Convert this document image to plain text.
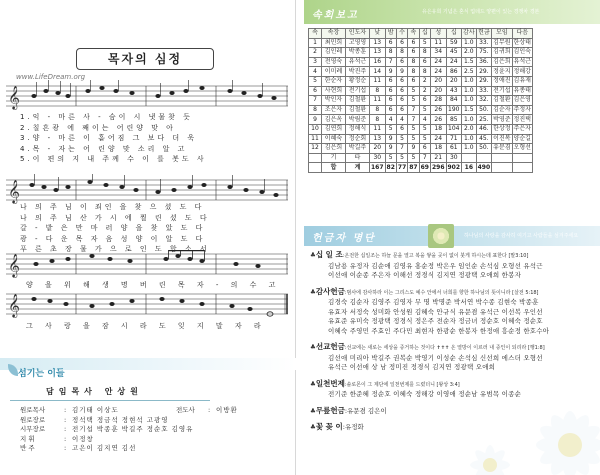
목자의 심정
www.LifeDream.org
𝄞
1.익 - 마른 사 - 슴이 시 냇물찾 듯
2.칠흔광 에 째이는 어린양 맞 아
3.양 - 마른 이 흩어짐 그 보다 더 욱
4.목 - 자는 어 린양 맞 소리 알 고
5.이 편의 지 내 주께 수 이 를 봇도 사
𝄞
나 의 주 님 이 죄인 을 찾 으 셨 도 다
나 의 주 님 산 가 시 에 찔 린 셨 도 다
갈 - 밭 은 만 마 러 양 을 찾 았 도 다
광 - 다 운 목 자 음 성 양 이 알 도 다
푸 른 초 장 물 가 으 로 인 도 합 소 서
𝄞
양 을 위 해 생 명 버 린 목 자 - 의 수 고
𝄞
그 사 랑 을 잠 시 라 도 잊 지 말 자 라
섬기는 이들
담임목사 안상원
원로목사	: 김기태 이상도	전도사	: 이방환
원로장로	: 정석택 정금석 정현석 고광영
시무장로	: 전기섭 박종훈 박길주 정순호 김영유
지 휘	: 이정창
반 주	: 고은이 김지연 김선
속회보고	유은유희 기념은 혼식 업데드 양편이 있는 경쟁차 경본
속	속장	인도자	낮	밤	수	속	십	성	십	감사	헌금	모임	다음
1	최민희	고영영	13	6	6	6	5	11	59	1.0	33.	김무원	한상태
2	김인레	박종훈	13	8	8	6	8	34	45	2.0	75.	김귀희	김인숙
3	전영숙	유석근	16	7	6	8	6	24	24	1.5	36.	김은희	유석근
4	이미례	박진주	14	9	9	8	8	24	86	2.5	29.	정윤지	정해강
5	한순자	황정순	11	6	6	6	2	20	20	1.0	29.	정애진	김유재
6	사현희	전기섭	8	6	6	5	2	20	43	1.0	33.	전기섭	유종태
7	박인자	김철환	11	6	6	5	6	28	84	1.0	32.	김철환	김은영
8	조은자	김철환	8	6	6	7	5	26	190	1.5	50.	김순자	주정자
9	김은옥	박림준	8	4	4	7	4	26	85	1.0	25.	박영준	정진택
10	김연희	정해식	11	5	6	5	5	18	104	2.0	46.	한상정	주은자
11	이혜숙	정순회	13	9	5	5	5	24	71	1.0	45.	이진복	양순길
12	김은희	박길주	20	9	7	9	6	18	61	1.0	50.	유문겸	오형선
	기	타	30	5	5	5	7	21	30				
	합	계	167	82	77	87	69	296	902	16	490		
헌금자 명단	하나님의 사랑을 감사히 여기고 사람들을 섬겨주세요
♣십 일 조:온전한 십일조는 하늘 문을 열고 복을 쌓을 곳이 없이 붓게 하시는데 표한다 [말3:10]
김남용 유정자 김순애 김영유 홍순정 박은우 임인순 손석심 오형선 유석근
이선애 이순종 주은자 이해선 정경식 김지연 정광택 오애희 한봉자
♣감사헌금:범사에 감사하라 이는 그리스도 예수 안에서 너희를 향한 하나님의 뜻이니라 [살전 5:18]
김경숙 김순자 김영주 김영자 무 명 박명준 박서연 박수종 김현숙 박종훈
유효자 서정숙 성미화 안성원 김혜숙 안규식 유문겸 유석근 이선복 우인선
유효준 유미숙 정광택 정경식 정은주 전순자 정금녀 정순호 이혜숙 정순호
이혜숙 주영민 주효인 주다민 최현자 한광순 한봉자 한정애 흥순정 한호수아
♣선교헌금:선교에는 새로는 세상을 증거하는 것이다 ✝✝✝ 온 열방이 이르러 내 증인이 되리라 [행1:8]
김선애 미리아 박길주 권복순 박영기 이성순 손석심 신선희 에스더 오형선
유석근 이선애 상 남 정미진 정경식 김지연 정광택 오애희
♣일천번제:솔로몬이 그 제단에 일천번제를 드렸더니 [왕상 3:4]
전기준 한준혜 정순호 이혜숙 정해강 이영애 정순남 유범목 이종순
♣무릎헌금:유문겸 김은이
♣꽃 꽂 이:유정화
